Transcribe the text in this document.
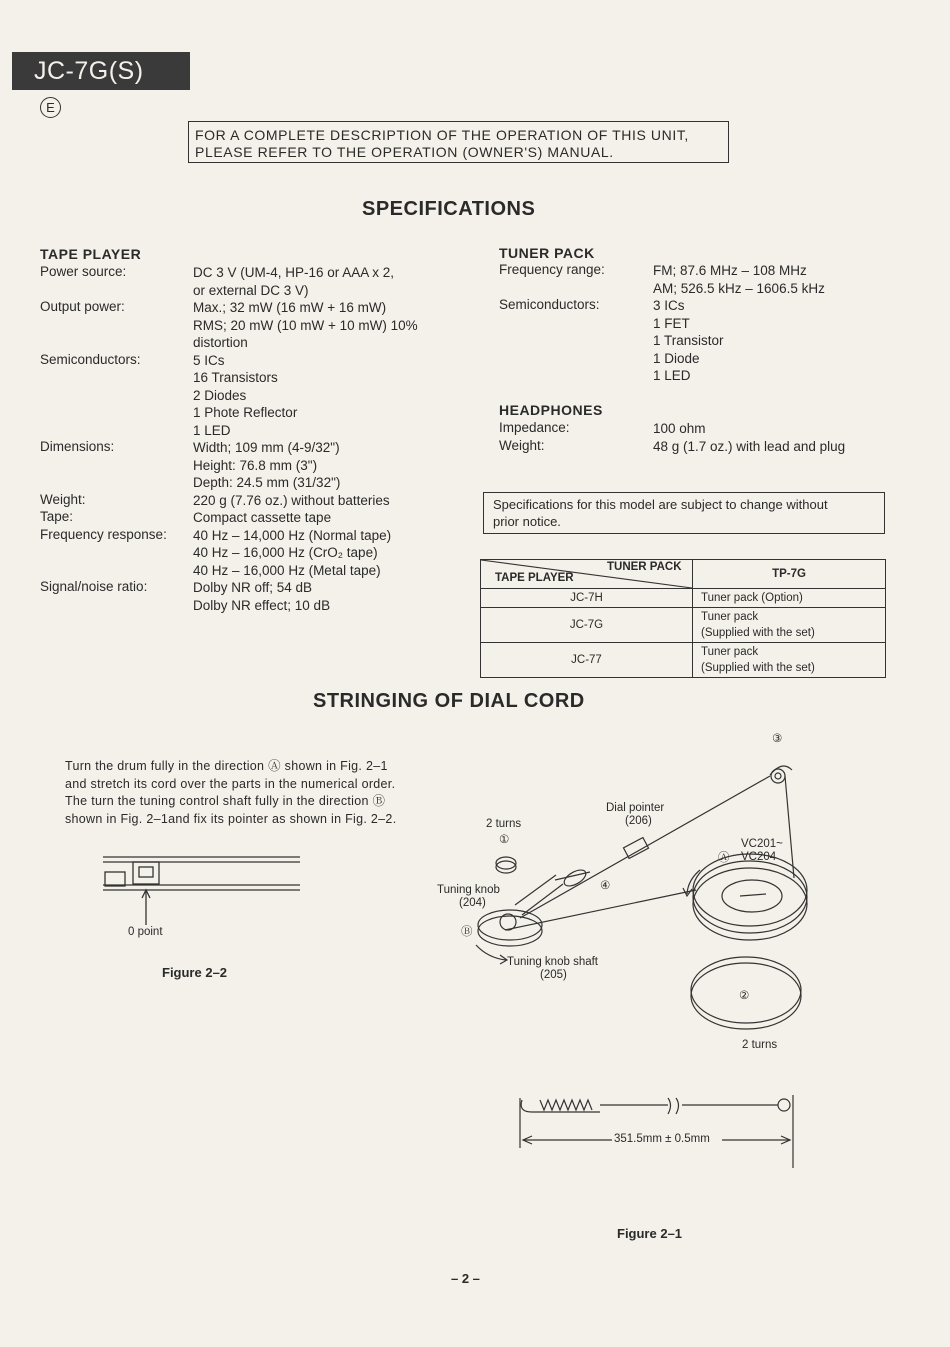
JC-7G(S)
E
FOR A COMPLETE DESCRIPTION OF THE OPERATION OF THIS UNIT,
PLEASE REFER TO THE OPERATION (OWNER'S) MANUAL.
SPECIFICATIONS
TAPE PLAYER
Power source:	DC 3 V (UM-4, HP-16 or AAA x 2,
or external DC 3 V)
Output power:	Max.; 32 mW (16 mW + 16 mW)
RMS; 20 mW (10 mW + 10 mW) 10%
distortion
Semiconductors:	5 ICs
16 Transistors
2 Diodes
1 Phote Reflector
1 LED
Dimensions:	Width; 109 mm (4-9/32")
Height: 76.8 mm (3")
Depth: 24.5 mm (31/32")
Weight:	220 g (7.76 oz.) without batteries
Tape:	Compact cassette tape
Frequency response: 40 Hz – 14,000 Hz (Normal tape)
40 Hz – 16,000 Hz (CrO₂ tape)
40 Hz – 16,000 Hz (Metal tape)
Signal/noise ratio:	Dolby NR off; 54 dB
Dolby NR effect; 10 dB
TUNER PACK
Frequency range:	FM; 87.6 MHz – 108 MHz
AM; 526.5 kHz – 1606.5 kHz
Semiconductors:	3 ICs
1 FET
1 Transistor
1 Diode
1 LED
HEADPHONES
Impedance:	100 ohm
Weight:	48 g (1.7 oz.) with lead and plug
Specifications for this model are subject to change without
prior notice.
TUNER PACK
TAPE PLAYER	TP-7G
JC-7H	Tuner pack (Option)
JC-7G	Tuner pack
(Supplied with the set)

JC-77	Tuner pack
(Supplied with the set)
STRINGING OF DIAL CORD
Turn the drum fully in the direction Ⓐ shown in Fig. 2–1
and stretch its cord over the parts in the numerical order.
The turn the tuning control shaft fully in the direction Ⓑ
shown in Fig. 2–1and fix its pointer as shown in Fig. 2–2.
0 point
Figure 2–2
2 turns
①
Dial pointer
(206)
③
VC201~
VC204
Ⓐ
④
Tuning knob
(204)
Ⓑ
Tuning knob shaft
(205)
②
2 turns
351.5mm ± 0.5mm
Figure 2–1
– 2 –
